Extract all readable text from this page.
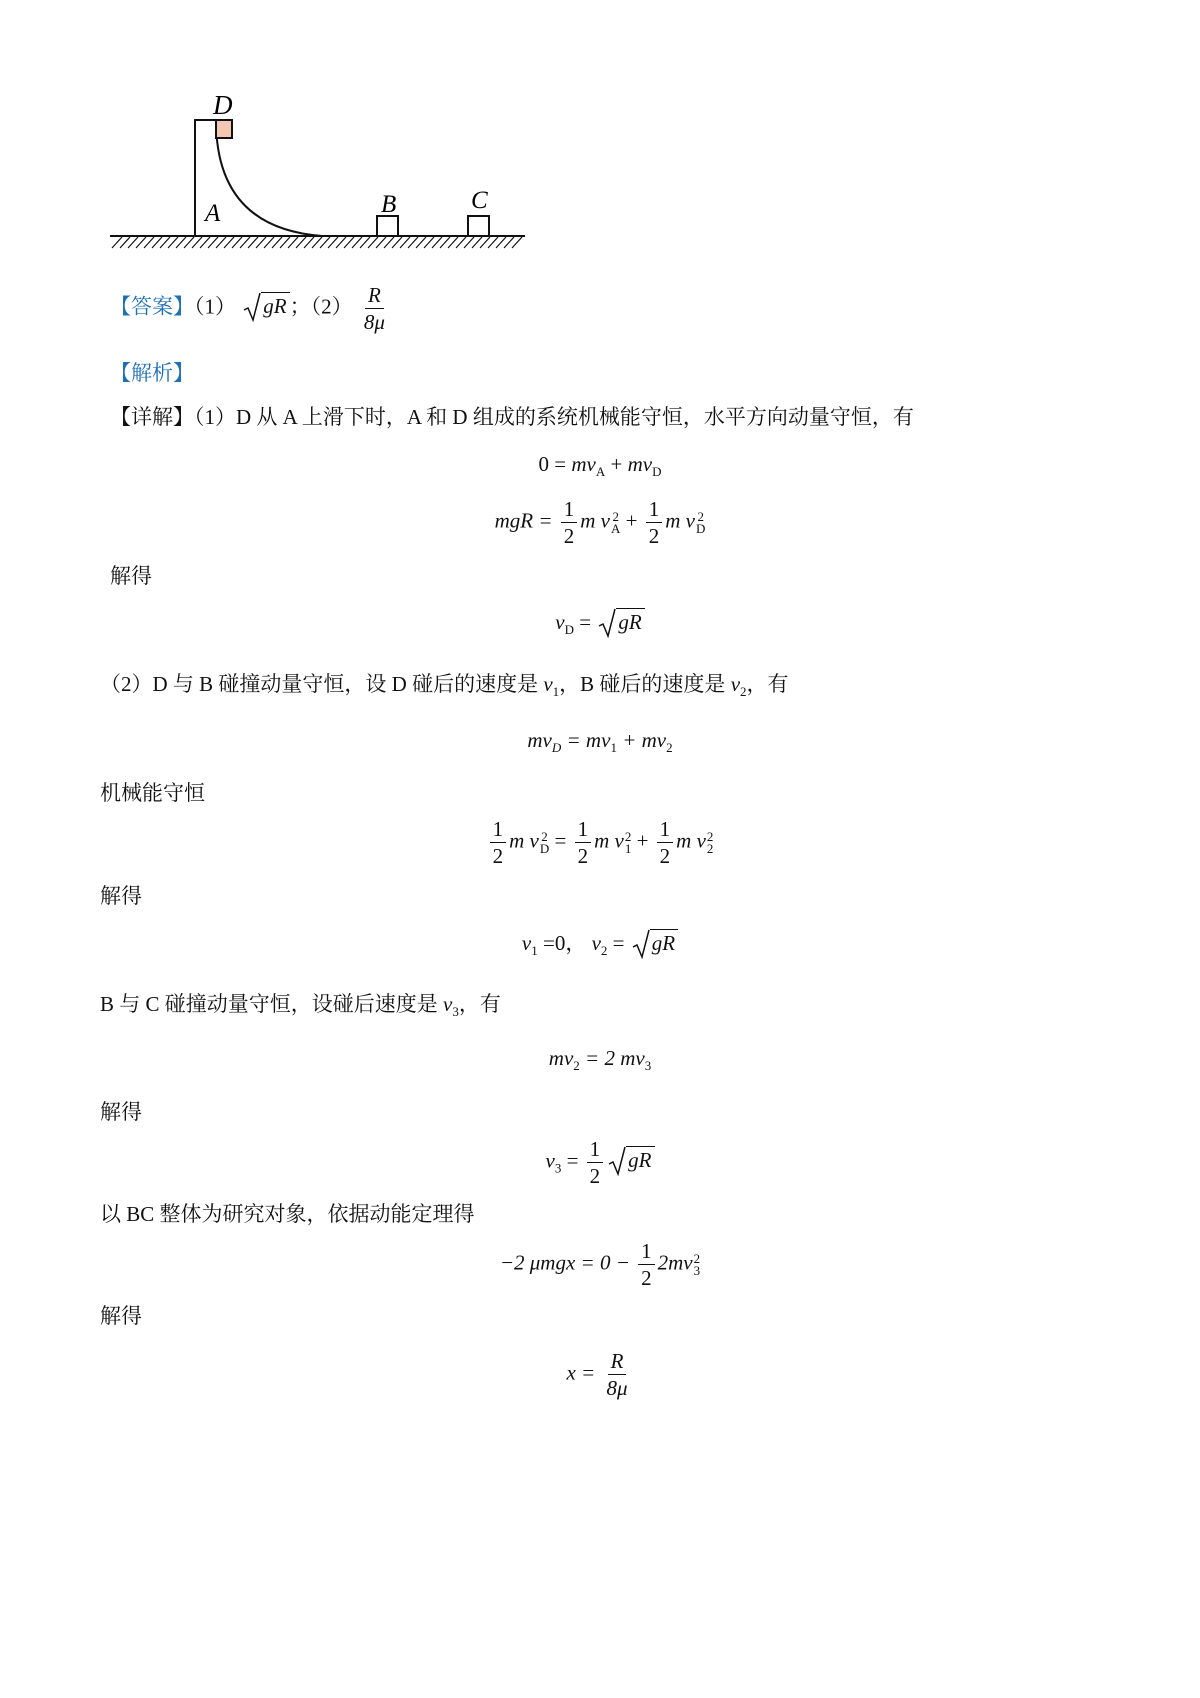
D
A	B	C
【答案】（1） gR ；$(2) \frac{R}{8\mu}$
【解析】
【详解】（1）D 从 A 上滑下时，A 和 D 组成的系统机械能守恒，水平方向动量守恒，有
$0 = mv_A + mv_D$
mgR = $\frac{1}{2}$ m v 2
$A + \frac{1}{2}$ m v 2
D
解得
$v_D$ =
gR
（2）D 与 B 碰撞动量守恒，设 D 碰后的速度是 $v_1$，B 碰后的速度是 $v_2$，有
$mv_D = mv_1 + mv_2$
机械能守恒
$\frac{1}{2}$ m v 2
$D = \frac{1}{2}$ m v 2
$1 + \frac{1}{2}$ m v 2
2
解得
$v_1 =0$， $v_2$ =
gR
B 与 C 碰撞动量守恒，设碰后速度是 $v_3$，有
$mv_2 = 2$ $mv_3$
解得
$v_3 = \frac{1}{2}$ gR
以 BC 整体为研究对象，依据动能定理得
−2 $\mu mgx = 0 - \frac{1}{2} 2mv$ 2
3
解得
$x = \frac{R}{8\mu}$
